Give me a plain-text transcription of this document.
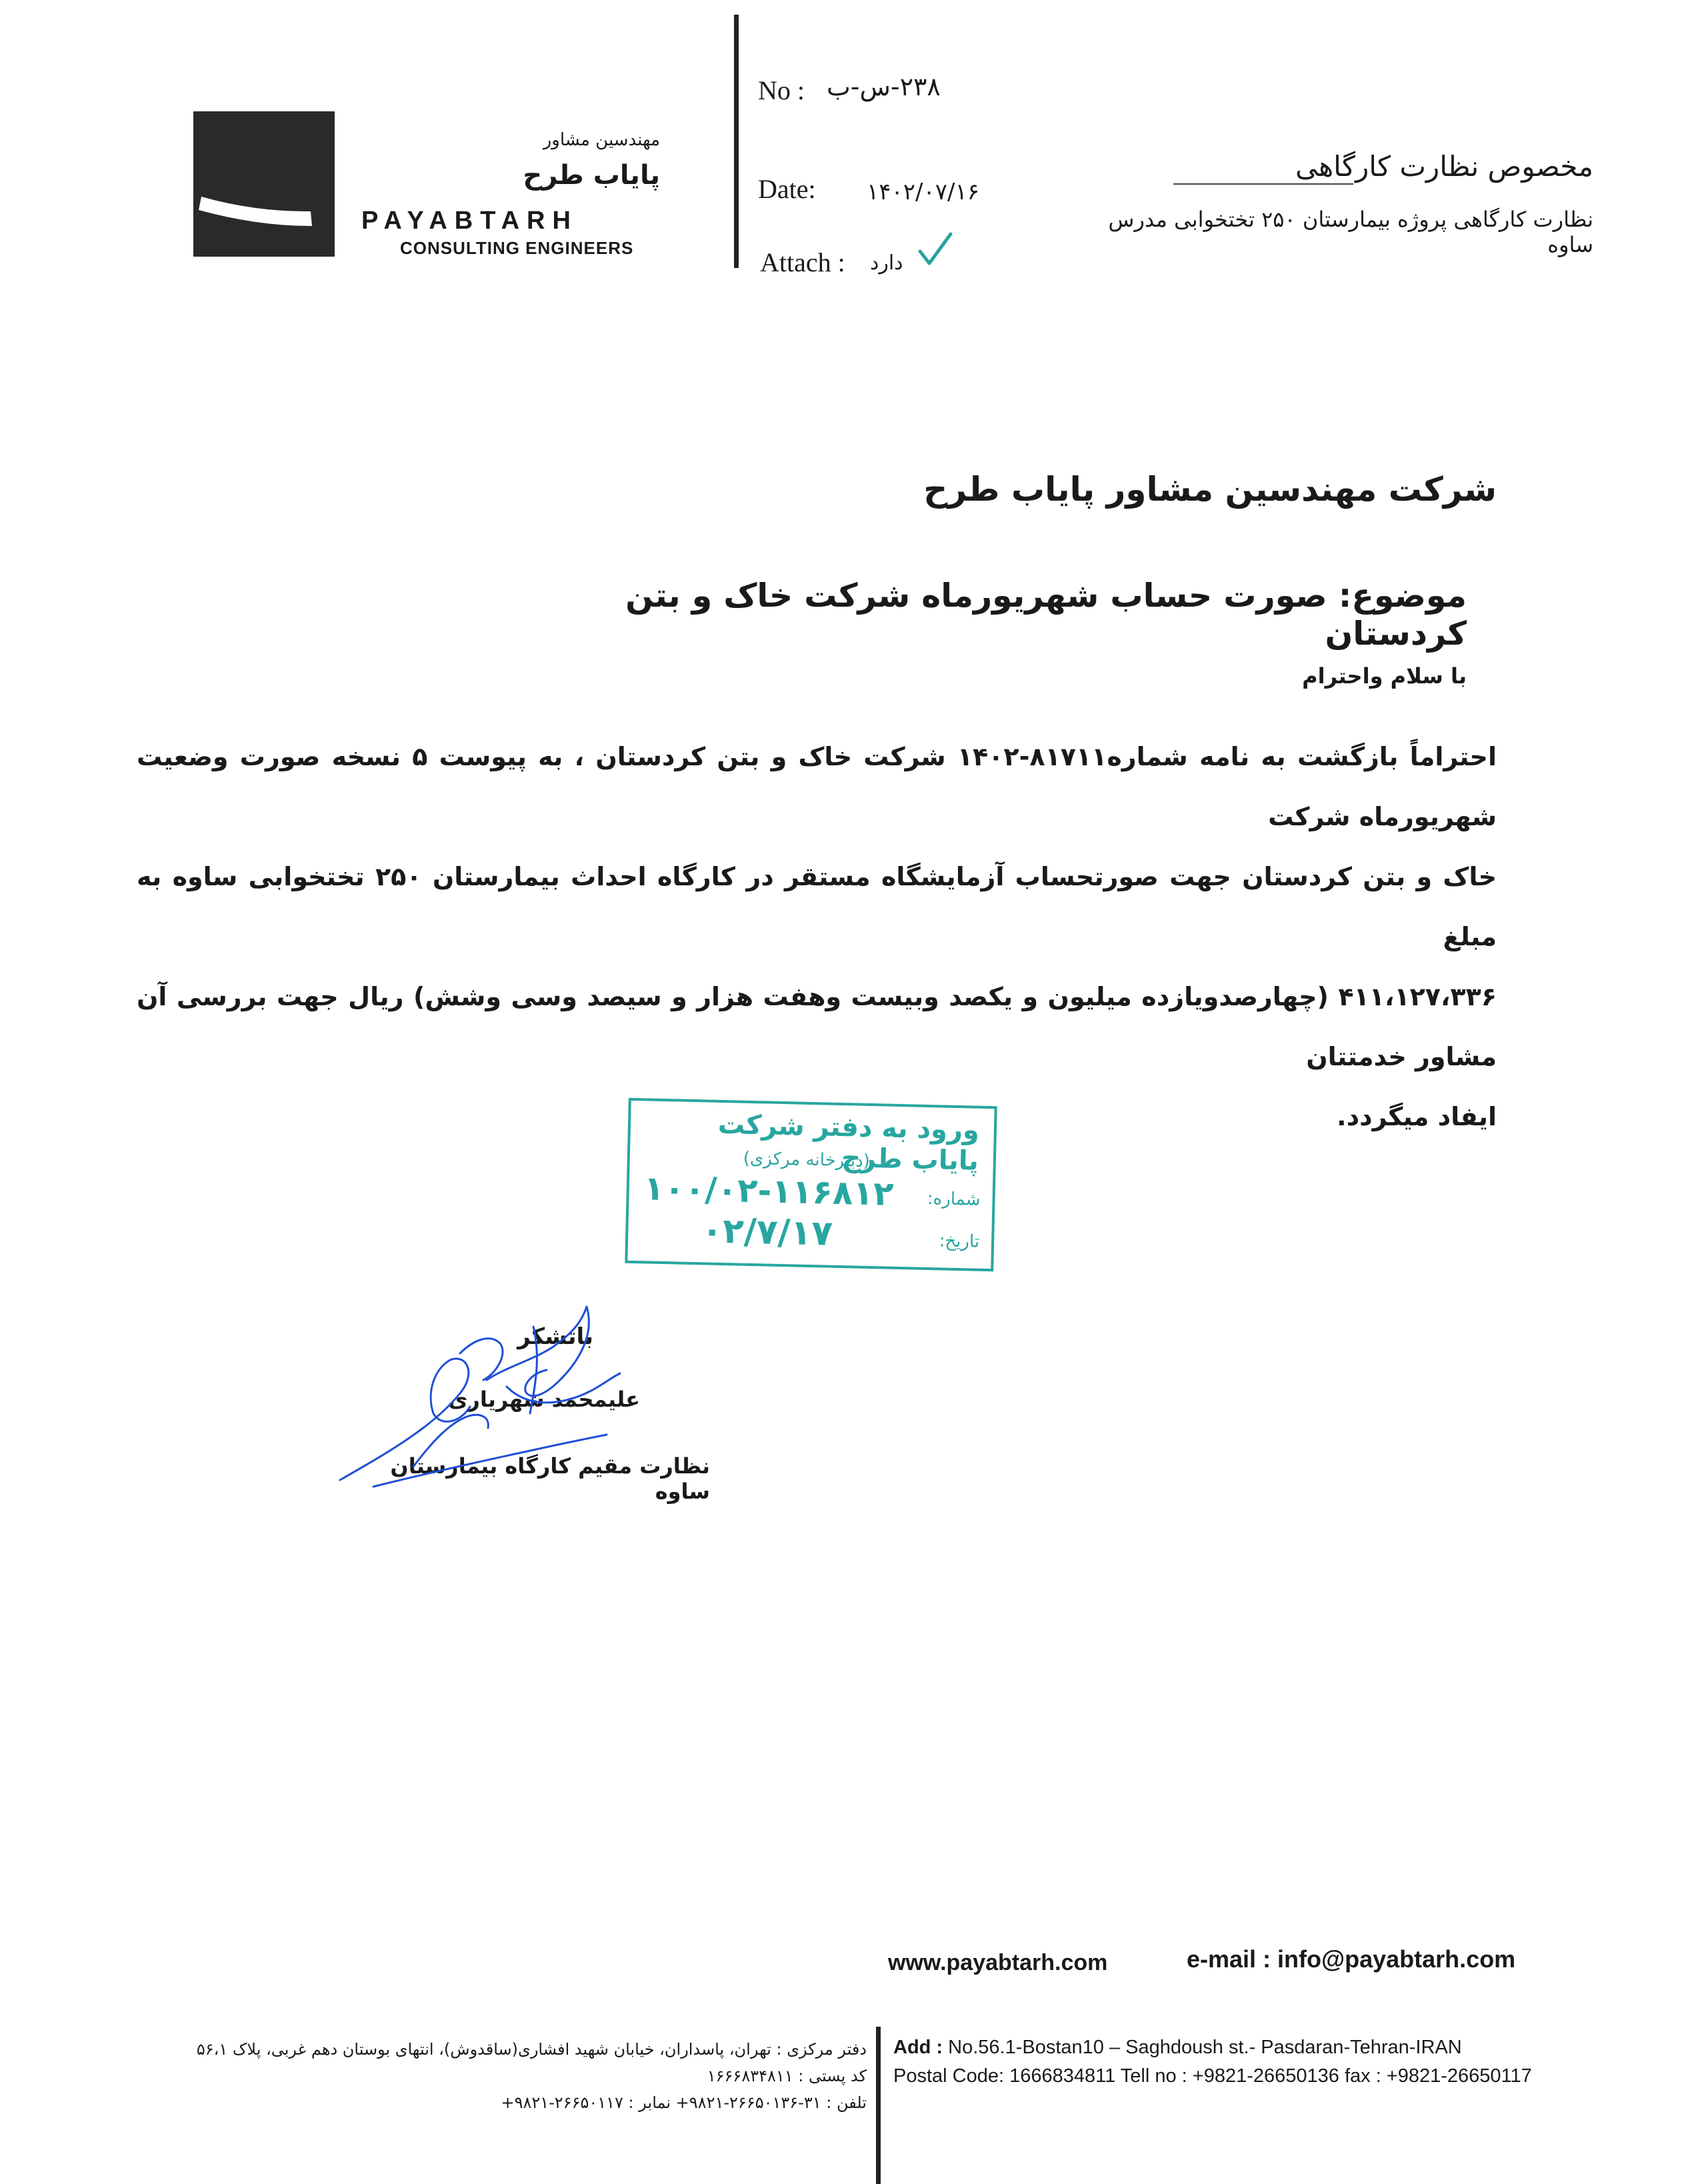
مهندسین مشاور
پایاب طرح
PAYABTARH
CONSULTING ENGINEERS
No : ۲۳۸-س-ب
Date: ۱۴۰۲/۰۷/۱۶
Attach : دارد
مخصوص نظارت کارگاهی
نظارت کارگاهی پروژه بیمارستان ۲۵۰ تختخوابی مدرس ساوه
شرکت مهندسین مشاور پایاب طرح
موضوع: صورت حساب شهریورماه شرکت خاک و بتن کردستان
با سلام واحترام
احتراماً بازگشت به نامه شماره۸۱۷۱۱-۱۴۰۲ شرکت خاک و بتن کردستان ، به پیوست ۵ نسخه صورت وضعیت شهریورماه شرکت
خاک و بتن کردستان جهت صورتحساب آزمایشگاه مستقر در کارگاه احداث بیمارستان ۲۵۰ تختخوابی ساوه به مبلغ
۴۱۱،۱۲۷،۳۳۶ (چهارصدویازده میلیون و یکصد وبیست وهفت هزار و سیصد وسی وشش) ریال جهت بررسی آن مشاور خدمتتان
ایفاد میگردد.
ورود به دفتر شرکت پایاب طرح
(دبیرخانه مرکزی)
شماره:
۱۰۰/۰۲-۱۱۶۸۱۲
تاریخ:
۰۲/۷/۱۷
باتشکر
علیمحمد شهریاری
نظارت مقیم کارگاه بیمارستان ساوه
www.payabtarh.com	e-mail : info@payabtarh.com
دفتر مرکزی : تهران، پاسداران، خیابان شهید افشاری(ساقدوش)، انتهای بوستان دهم غربی، پلاک ۵۶،۱
کد پستی : ۱۶۶۶۸۳۴۸۱۱
تلفن : ۳۱-۲۶۶۵۰۱۳۶-۹۸۲۱+ نمابر : ۲۶۶۵۰۱۱۷-۹۸۲۱+
Add : No.56.1-Bostan10 – Saghdoush st.- Pasdaran-Tehran-IRAN
Postal Code: 1666834811 Tell no : +9821-26650136 fax : +9821-26650117
